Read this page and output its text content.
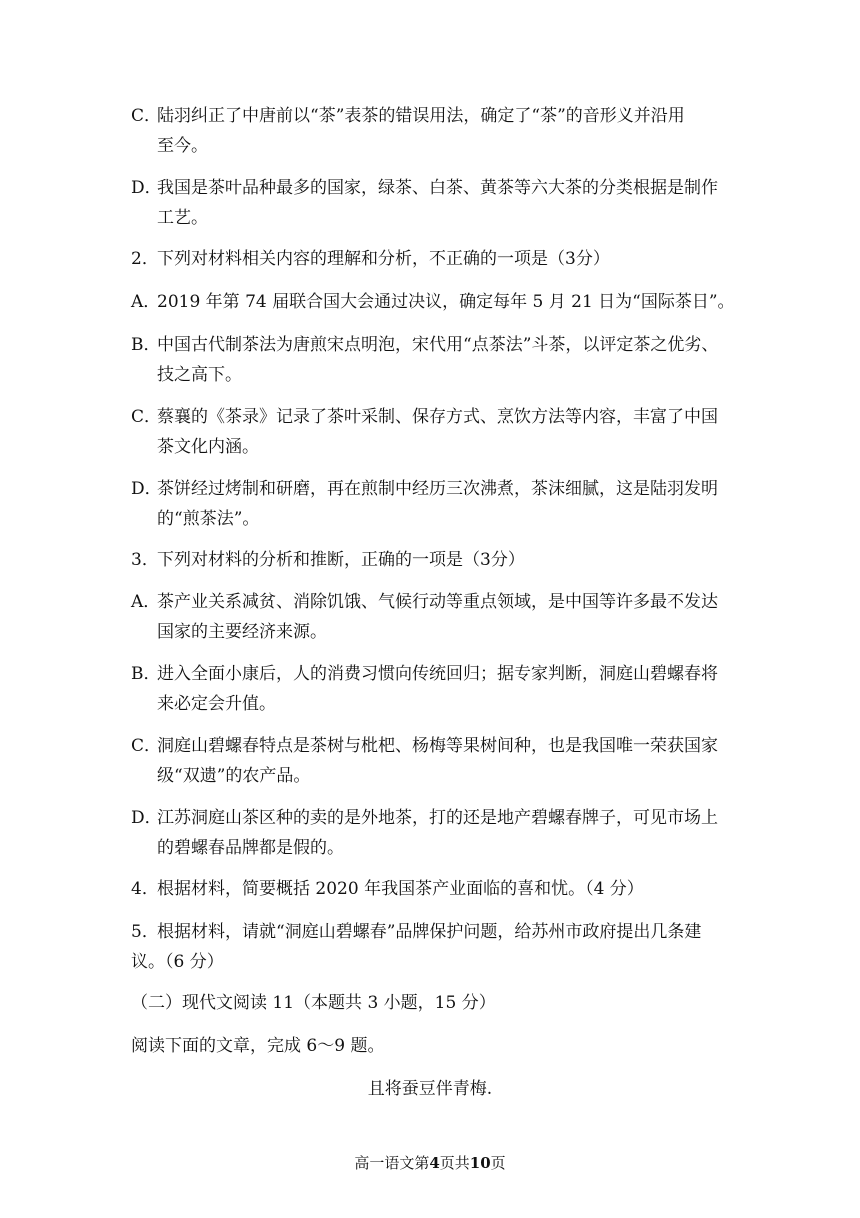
C．陆羽纠正了中唐前以“茶”表茶的错误用法，确定了“茶”的音形义并沿用
至今。
D．我国是茶叶品种最多的国家，绿茶、白茶、黄茶等六大茶的分类根据是制作
工艺。
2．下列对材料相关内容的理解和分析，不正确的一项是（3分）
A．2019 年第 74 届联合国大会通过决议，确定每年 5 月 21 日为“国际茶日”。
B．中国古代制茶法为唐煎宋点明泡，宋代用“点茶法”斗茶，以评定茶之优劣、
技之高下。
C．蔡襄的《茶录》记录了茶叶采制、保存方式、烹饮方法等内容，丰富了中国
茶文化内涵。
D．茶饼经过烤制和研磨，再在煎制中经历三次沸煮，茶沫细腻，这是陆羽发明
的“煎茶法”。
3．下列对材料的分析和推断，正确的一项是（3分）
A．茶产业关系减贫、消除饥饿、气候行动等重点领域，是中国等许多最不发达
国家的主要经济来源。
B．进入全面小康后，人的消费习惯向传统回归；据专家判断，洞庭山碧螺春将
来必定会升值。
C．洞庭山碧螺春特点是茶树与枇杷、杨梅等果树间种，也是我国唯一荣获国家
级“双遗”的农产品。
D．江苏洞庭山茶区种的卖的是外地茶，打的还是地产碧螺春牌子，可见市场上
的碧螺春品牌都是假的。
4．根据材料，简要概括 2020 年我国茶产业面临的喜和忧。（4 分）
5．根据材料，请就“洞庭山碧螺春”品牌保护问题，给苏州市政府提出几条建
议。（6 分）
（二）现代文阅读 11（本题共 3 小题，15 分）
阅读下面的文章，完成 6～9 题。
且将蚕豆伴青梅.
高一语文第4页共10页
